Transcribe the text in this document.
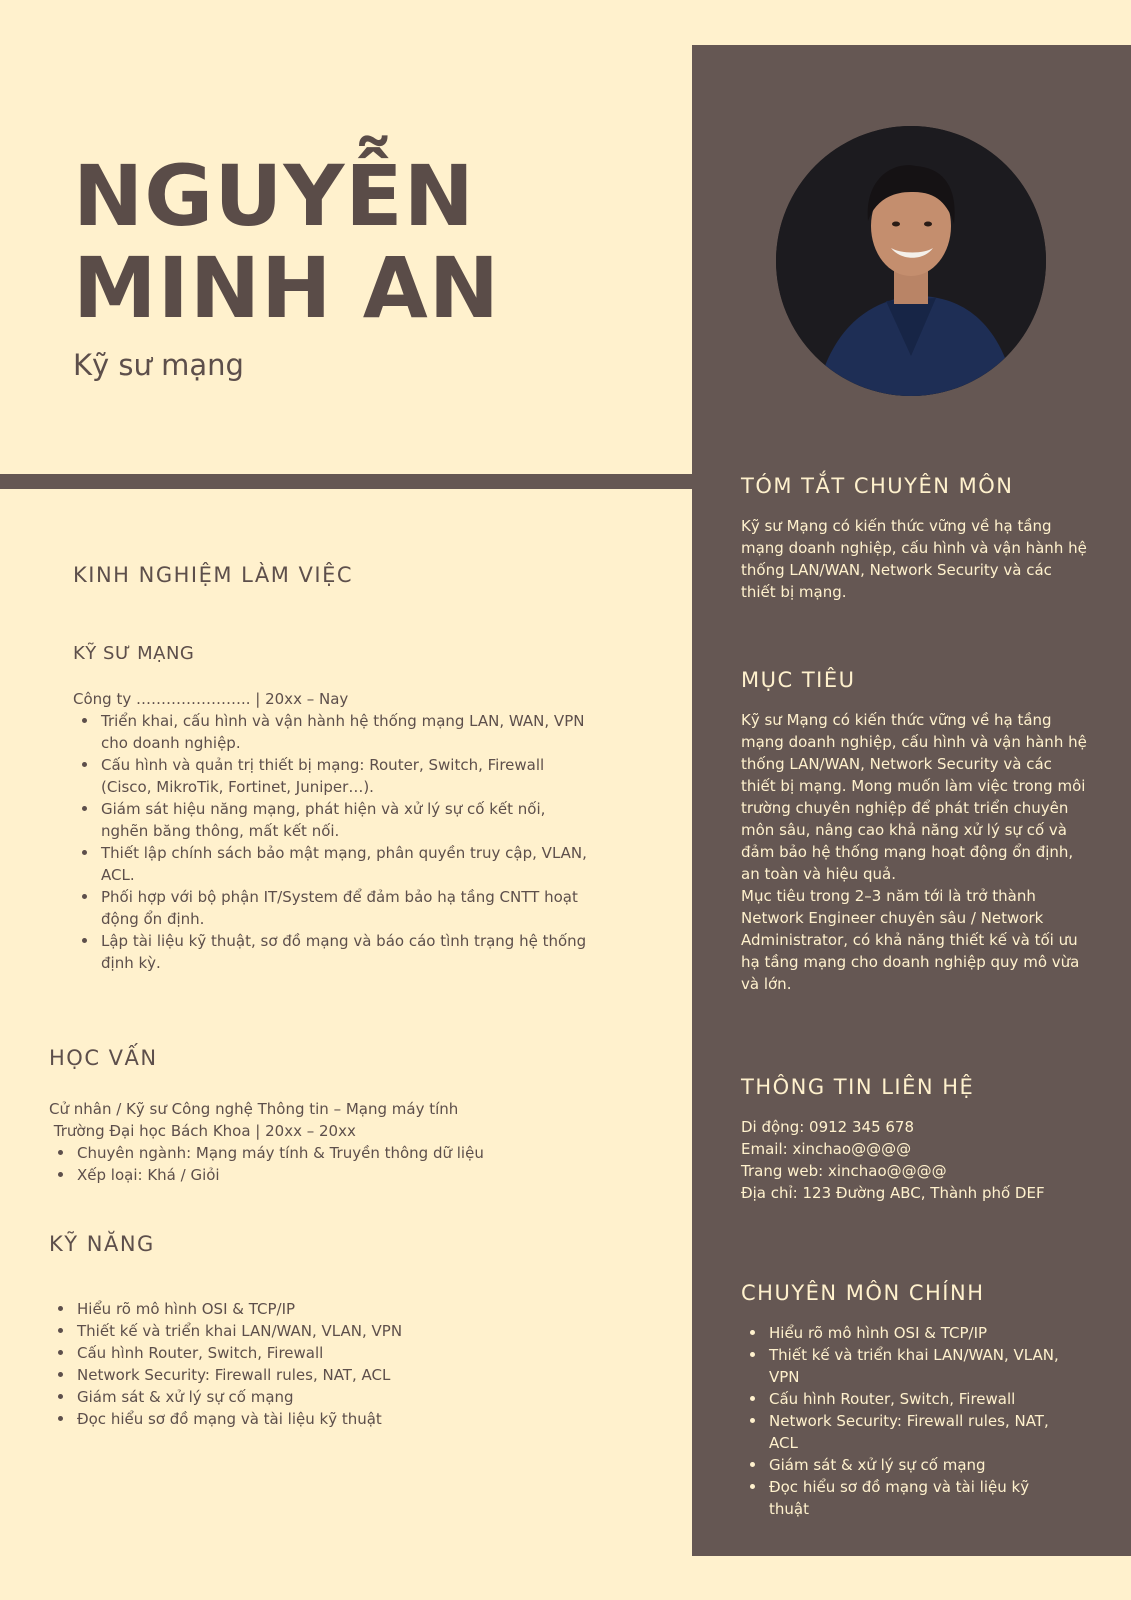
NGUYỄN
MINH AN
Kỹ sư mạng
KINH NGHIỆM LÀM VIỆC
KỸ SƯ MẠNG
Công ty ………………….. | 20xx – Nay
Triển khai, cấu hình và vận hành hệ thống mạng LAN, WAN, VPN cho doanh nghiệp.
Cấu hình và quản trị thiết bị mạng: Router, Switch, Firewall (Cisco, MikroTik, Fortinet, Juniper…).
Giám sát hiệu năng mạng, phát hiện và xử lý sự cố kết nối, nghẽn băng thông, mất kết nối.
Thiết lập chính sách bảo mật mạng, phân quyền truy cập, VLAN, ACL.
Phối hợp với bộ phận IT/System để đảm bảo hạ tầng CNTT hoạt động ổn định.
Lập tài liệu kỹ thuật, sơ đồ mạng và báo cáo tình trạng hệ thống định kỳ.
HỌC VẤN
Cử nhân / Kỹ sư Công nghệ Thông tin – Mạng máy tính
Trường Đại học Bách Khoa | 20xx – 20xx
Chuyên ngành: Mạng máy tính & Truyền thông dữ liệu
Xếp loại: Khá / Giỏi
KỸ NĂNG
Hiểu rõ mô hình OSI & TCP/IP
Thiết kế và triển khai LAN/WAN, VLAN, VPN
Cấu hình Router, Switch, Firewall
Network Security: Firewall rules, NAT, ACL
Giám sát & xử lý sự cố mạng
Đọc hiểu sơ đồ mạng và tài liệu kỹ thuật
TÓM TẮT CHUYÊN MÔN
Kỹ sư Mạng có kiến thức vững về hạ tầng mạng doanh nghiệp, cấu hình và vận hành hệ thống LAN/WAN, Network Security và các thiết bị mạng.
MỤC TIÊU
Kỹ sư Mạng có kiến thức vững về hạ tầng mạng doanh nghiệp, cấu hình và vận hành hệ thống LAN/WAN, Network Security và các thiết bị mạng. Mong muốn làm việc trong môi trường chuyên nghiệp để phát triển chuyên môn sâu, nâng cao khả năng xử lý sự cố và đảm bảo hệ thống mạng hoạt động ổn định, an toàn và hiệu quả.
Mục tiêu trong 2–3 năm tới là trở thành Network Engineer chuyên sâu / Network Administrator, có khả năng thiết kế và tối ưu hạ tầng mạng cho doanh nghiệp quy mô vừa và lớn.
THÔNG TIN LIÊN HỆ
Di động: 0912 345 678
Email: xinchao@@@@
Trang web: xinchao@@@@
Địa chỉ: 123 Đường ABC, Thành phố DEF
CHUYÊN MÔN CHÍNH
Hiểu rõ mô hình OSI & TCP/IP
Thiết kế và triển khai LAN/WAN, VLAN, VPN
Cấu hình Router, Switch, Firewall
Network Security: Firewall rules, NAT, ACL
Giám sát & xử lý sự cố mạng
Đọc hiểu sơ đồ mạng và tài liệu kỹ thuật
